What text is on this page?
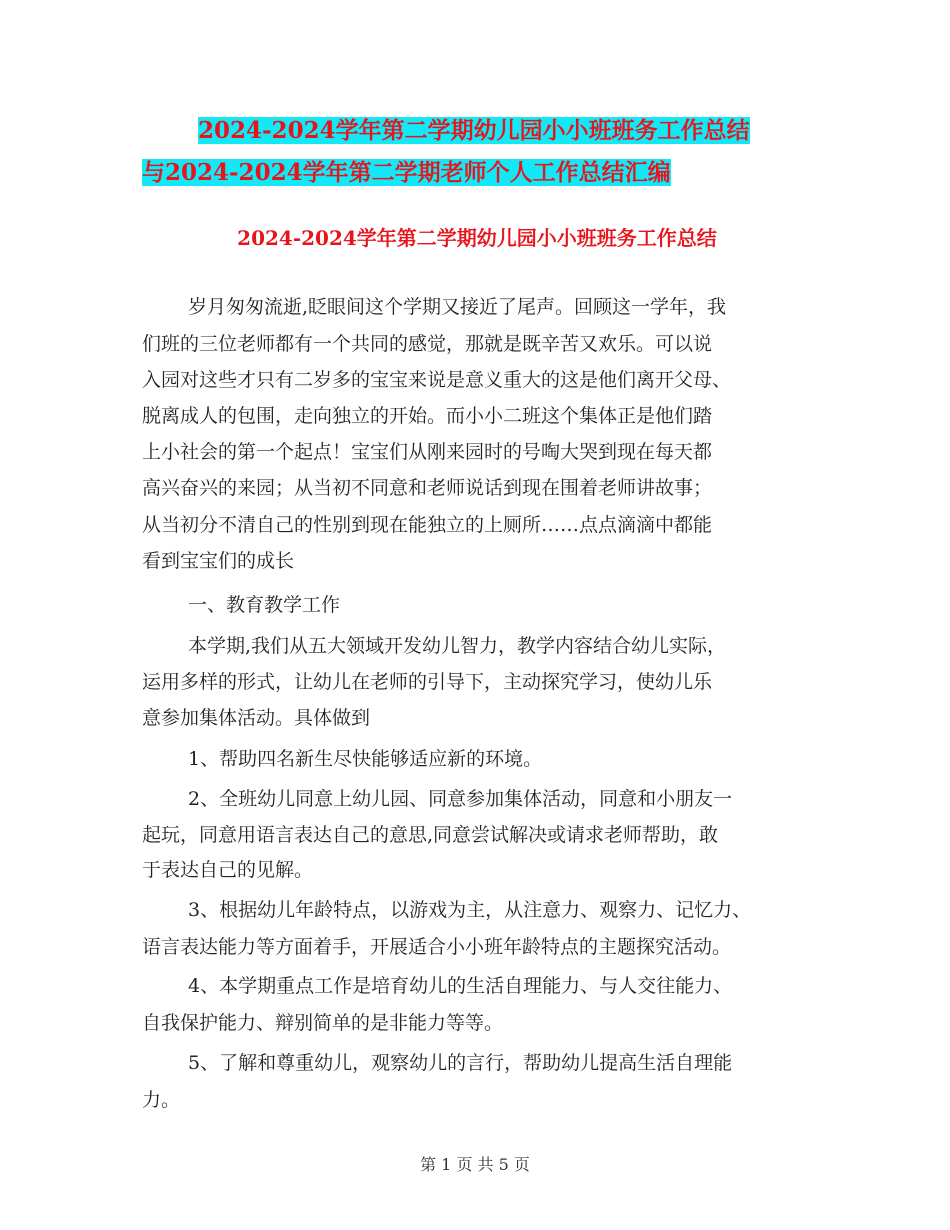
2024-2024学年第二学期幼儿园小小班班务工作总结
与2024-2024学年第二学期老师个人工作总结汇编
2024-2024学年第二学期幼儿园小小班班务工作总结
岁月匆匆流逝,眨眼间这个学期又接近了尾声。回顾这一学年，我
们班的三位老师都有一个共同的感觉，那就是既辛苦又欢乐。可以说
入园对这些才只有二岁多的宝宝来说是意义重大的这是他们离开父母、
脱离成人的包围，走向独立的开始。而小小二班这个集体正是他们踏
上小社会的第一个起点！宝宝们从刚来园时的号啕大哭到现在每天都
高兴奋兴的来园；从当初不同意和老师说话到现在围着老师讲故事；
从当初分不清自己的性别到现在能独立的上厕所……点点滴滴中都能
看到宝宝们的成长
一、教育教学工作
本学期,我们从五大领域开发幼儿智力，教学内容结合幼儿实际，
运用多样的形式，让幼儿在老师的引导下，主动探究学习，使幼儿乐
意参加集体活动。具体做到
1、帮助四名新生尽快能够适应新的环境。
2、全班幼儿同意上幼儿园、同意参加集体活动，同意和小朋友一
起玩，同意用语言表达自己的意思,同意尝试解决或请求老师帮助，敢
于表达自己的见解。
3、根据幼儿年龄特点，以游戏为主，从注意力、观察力、记忆力、
语言表达能力等方面着手，开展适合小小班年龄特点的主题探究活动。
4、本学期重点工作是培育幼儿的生活自理能力、与人交往能力、
自我保护能力、辩别简单的是非能力等等。
5、了解和尊重幼儿，观察幼儿的言行，帮助幼儿提高生活自理能
力。
第 1 页 共 5 页
